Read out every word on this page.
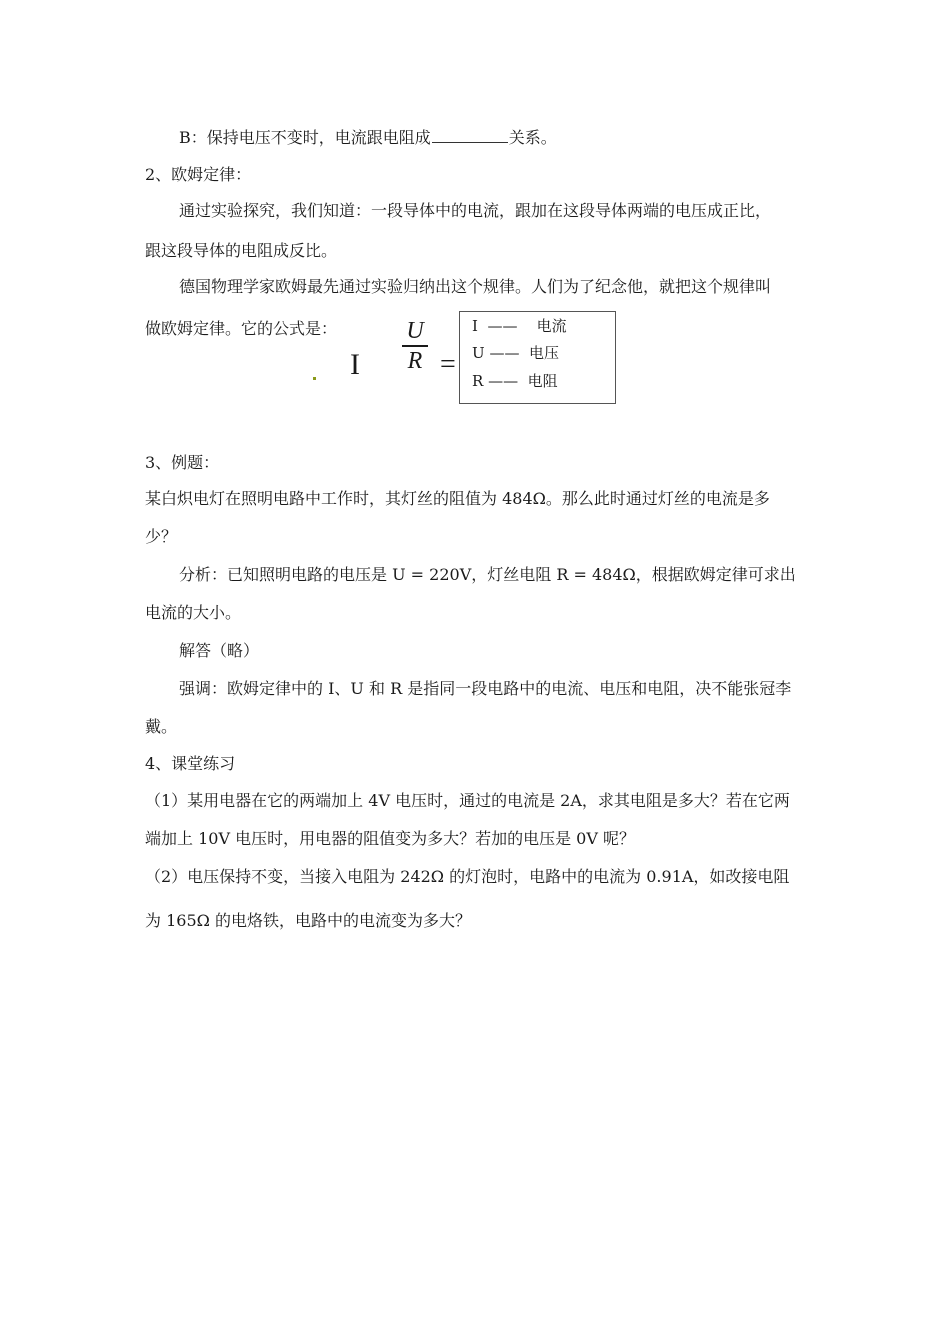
B：保持电压不变时，电流跟电阻成	关系。
2、欧姆定律：
通过实验探究，我们知道：一段导体中的电流，跟加在这段导体两端的电压成正比，
跟这段导体的电阻成反比。
德国物理学家欧姆最先通过实验归纳出这个规律。人们为了纪念他，就把这个规律叫
做欧姆定律。它的公式是：
I
U
R =
I —— 电流
U —— 电压
R —— 电阻
3、例题：
某白炽电灯在照明电路中工作时，其灯丝的阻值为 484Ω。那么此时通过灯丝的电流是多
少？
分析：已知照明电路的电压是 U = 220V，灯丝电阻 R = 484Ω，根据欧姆定律可求出
电流的大小。
解答（略）
强调：欧姆定律中的 I、U 和 R 是指同一段电路中的电流、电压和电阻，决不能张冠李
戴。
4、课堂练习
（1）某用电器在它的两端加上 4V 电压时，通过的电流是 2A，求其电阻是多大？若在它两
端加上 10V 电压时，用电器的阻值变为多大？若加的电压是 0V 呢？
（2）电压保持不变，当接入电阻为 242Ω 的灯泡时，电路中的电流为 0.91A，如改接电阻
为 165Ω 的电烙铁，电路中的电流变为多大？
